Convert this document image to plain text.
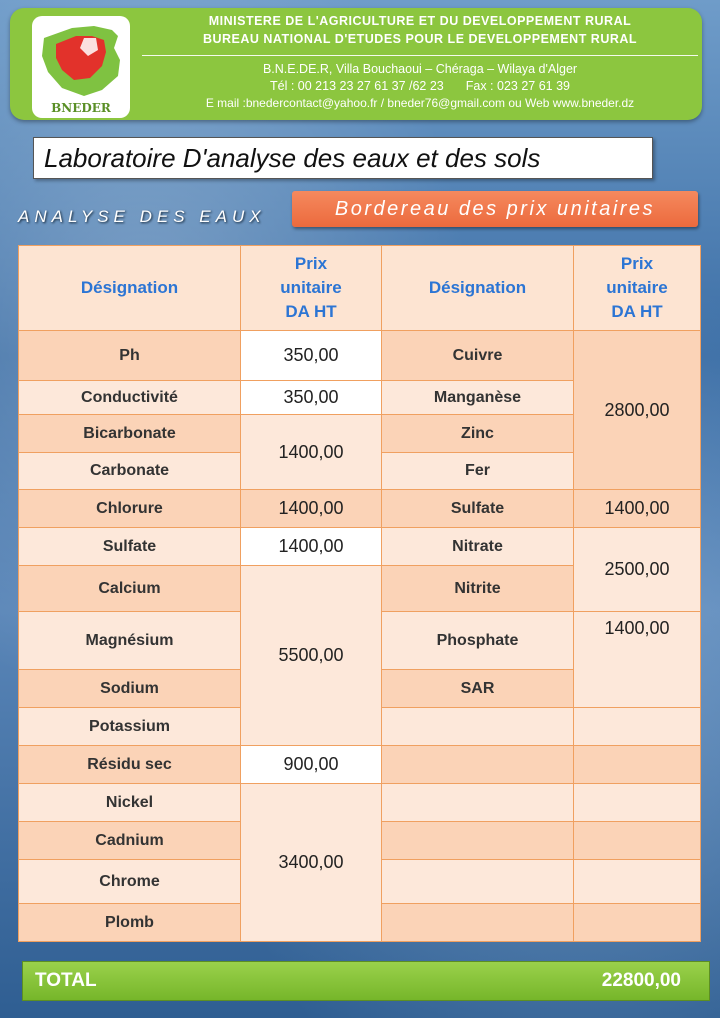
BNEDER
MINISTERE DE L'AGRICULTURE ET DU DEVELOPPEMENT RURAL
BUREAU NATIONAL D'ETUDES POUR LE DEVELOPPEMENT RURAL
B.N.E.DE.R, Villa Bouchaoui – Chéraga – Wilaya d'Alger
Tél : 00 213 23 27 61 37 /62 23 Fax : 023 27 61 39
E mail :bnedercontact@yahoo.fr / bneder76@gmail.com ou Web www.bneder.dz
Laboratoire D'analyse des eaux et des sols
ANALYSE DES EAUX	Bordereau des prix unitaires
Désignation	Prix
unitaire
DA HT	Désignation	Prix
unitaire
DA HT
Ph	350,00	Cuivre	2800,00
Conductivité	350,00	Manganèse	
Bicarbonate	1400,00	Zinc	
Carbonate		Fer	
Chlorure	1400,00	Sulfate	1400,00
Sulfate	1400,00	Nitrate	2500,00
Calcium	5500,00	Nitrite	
Magnésium		Phosphate	1400,00
Sodium		SAR	
Potassium			
Résidu sec	900,00		
Nickel	3400,00		
Cadnium			
Chrome			
Plomb			
TOTAL	22800,00
